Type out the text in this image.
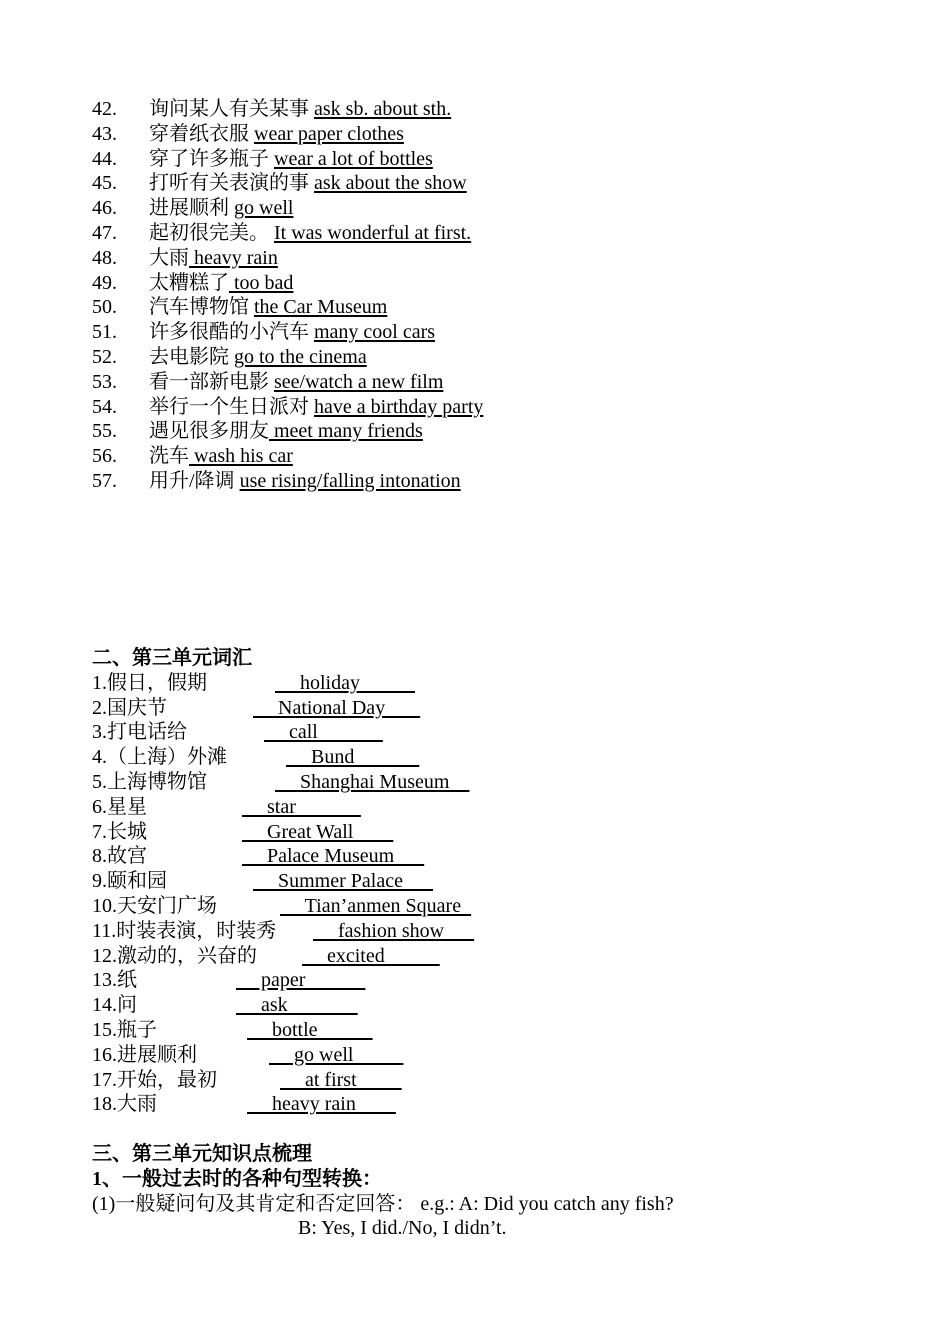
42. 询问某人有关某事 ask sb. about sth.
43. 穿着纸衣服 wear paper clothes
44. 穿了许多瓶子 wear a lot of bottles
45. 打听有关表演的事 ask about the show
46. 进展顺利 go well
47. 起初很完美。 It was wonderful at first.
48. 大雨 heavy rain
49. 太糟糕了 too bad
50. 汽车博物馆 the Car Museum
51. 许多很酷的小汽车 many cool cars
52. 去电影院 go to the cinema
53. 看一部新电影 see/watch a new film
54. 举行一个生日派对 have a birthday party
55. 遇见很多朋友 meet many friends
56. 洗车 wash his car
57. 用升/降调 use rising/falling intonation
二、第三单元词汇
1.假日，假期	holiday
2.国庆节	National Day
3.打电话给	call
4.（上海）外滩	Bund
5.上海博物馆	Shanghai Museum
6.星星	star
7.长城	Great Wall
8.故宫	Palace Museum
9.颐和园	Summer Palace
10.天安门广场	Tian’anmen Square
11.时装表演，时装秀 fashion show
12.激动的，兴奋的 excited
13.纸	paper
14.问	ask
15.瓶子	bottle
16.进展顺利	go well
17.开始，最初	at first
18.大雨	heavy rain
三、第三单元知识点梳理
1、一般过去时的各种句型转换：
(1)一般疑问句及其肯定和否定回答： e.g.: A: Did you catch any fish?
B: Yes, I did./No, I didn’t.
